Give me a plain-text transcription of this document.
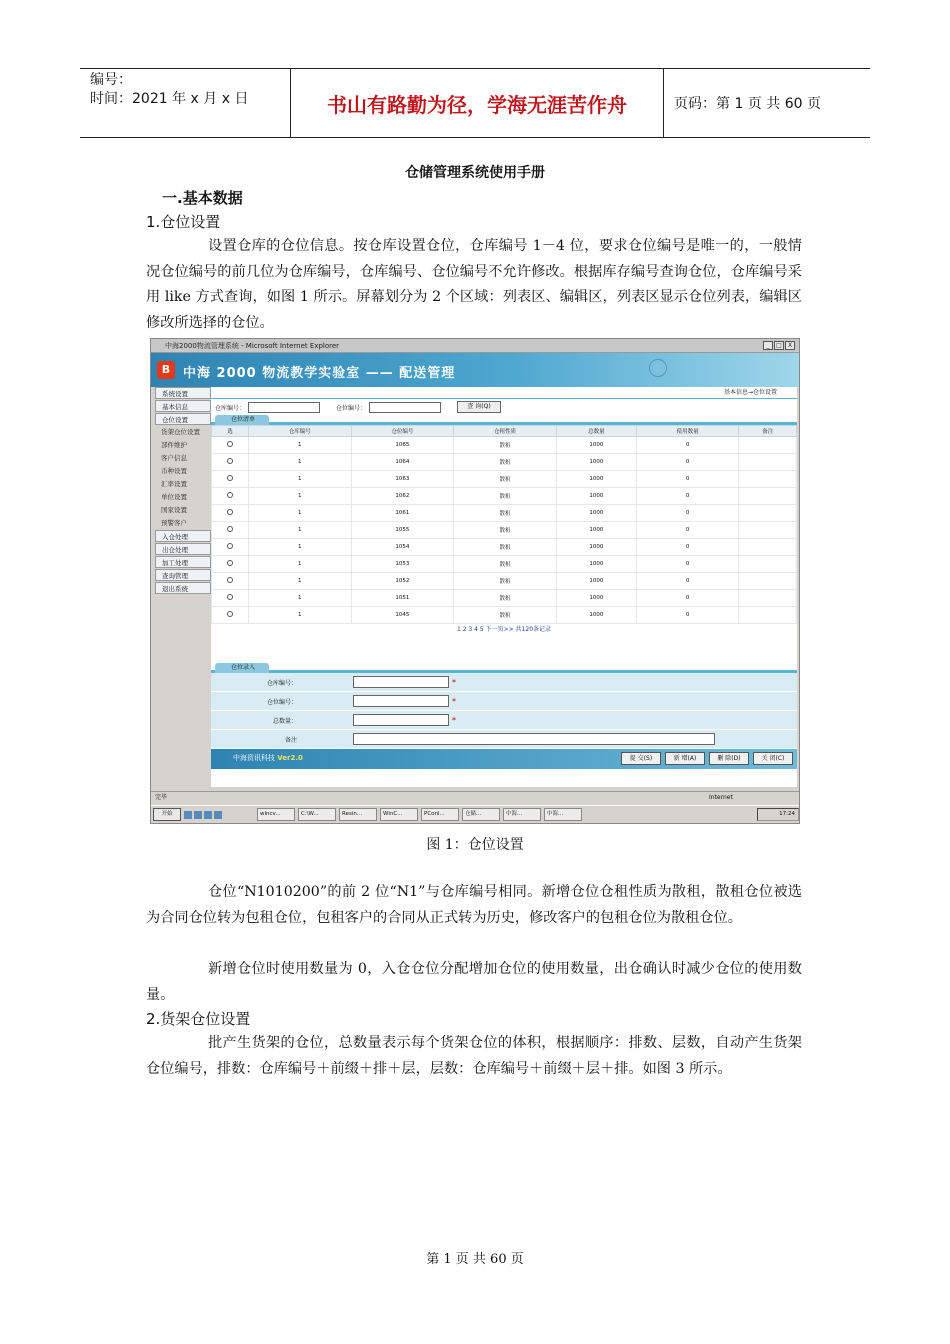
编号：
时间：2021 年 x 月 x 日	书山有路勤为径，学海无涯苦作舟	页码：第 1 页 共 60 页
仓储管理系统使用手册
一.基本数据
1.仓位设置
设置仓库的仓位信息。按仓库设置仓位，仓库编号 1－4 位，要求仓位编号是唯一的，一般情况仓位编号的前几位为仓库编号，仓库编号、仓位编号不允许修改。根据库存编号查询仓位，仓库编号采用 like 方式查询，如图 1 所示。屏幕划分为 2 个区域：列表区、编辑区，列表区显示仓位列表，编辑区修改所选择的仓位。
中海2000物流管理系统 - Microsoft Internet Explorer	_	□	X
B 中海 2000 物流教学实验室 —— 配送管理
系统设置
基本信息
仓位设置
货架仓位设置
部件维护
客户信息
币种设置
汇率设置
单位设置
国家设置
预警客户
入仓处理
出仓处理
加工处理
查询管理
退出系统
基本信息→仓位设置
仓库编号：	仓位编号：	查 询(Q)
仓位清单
选	仓库编号	仓位编号	仓租性质	总数量	使用数量	备注
	1	1065	散租	1000	0	
	1	1064	散租	1000	0	
	1	1063	散租	1000	0	
	1	1062	散租	1000	0	
	1	1061	散租	1000	0	
	1	1055	散租	1000	0	
	1	1054	散租	1000	0	
	1	1053	散租	1000	0	
	1	1052	散租	1000	0	
	1	1051	散租	1000	0	
	1	1045	散租	1000	0	
1 2 3 4 5 下一页>> 共120条记录
仓位录入
仓库编号：	*
仓位编号：	*
总数量：	*
备注
中海资讯科技 Ver2.0	提 交(S)	新 增(A)	删 除(D)	关 闭(C)
完毕	Internet
开始	wincv...	C:\W...	Resin...	WinC...	PConl...	仓储...	中海...	中海...	17:24
图 1：仓位设置
仓位“N1010200”的前 2 位“N1”与仓库编号相同。新增仓位仓租性质为散租，散租仓位被选为合同仓位转为包租仓位，包租客户的合同从正式转为历史，修改客户的包租仓位为散租仓位。
新增仓位时使用数量为 0，入仓仓位分配增加仓位的使用数量，出仓确认时减少仓位的使用数量。
2.货架仓位设置
批产生货架的仓位，总数量表示每个货架仓位的体积，根据顺序：排数、层数，自动产生货架仓位编号，排数：仓库编号＋前缀＋排＋层，层数：仓库编号＋前缀＋层＋排。如图 3 所示。
第 1 页 共 60 页
